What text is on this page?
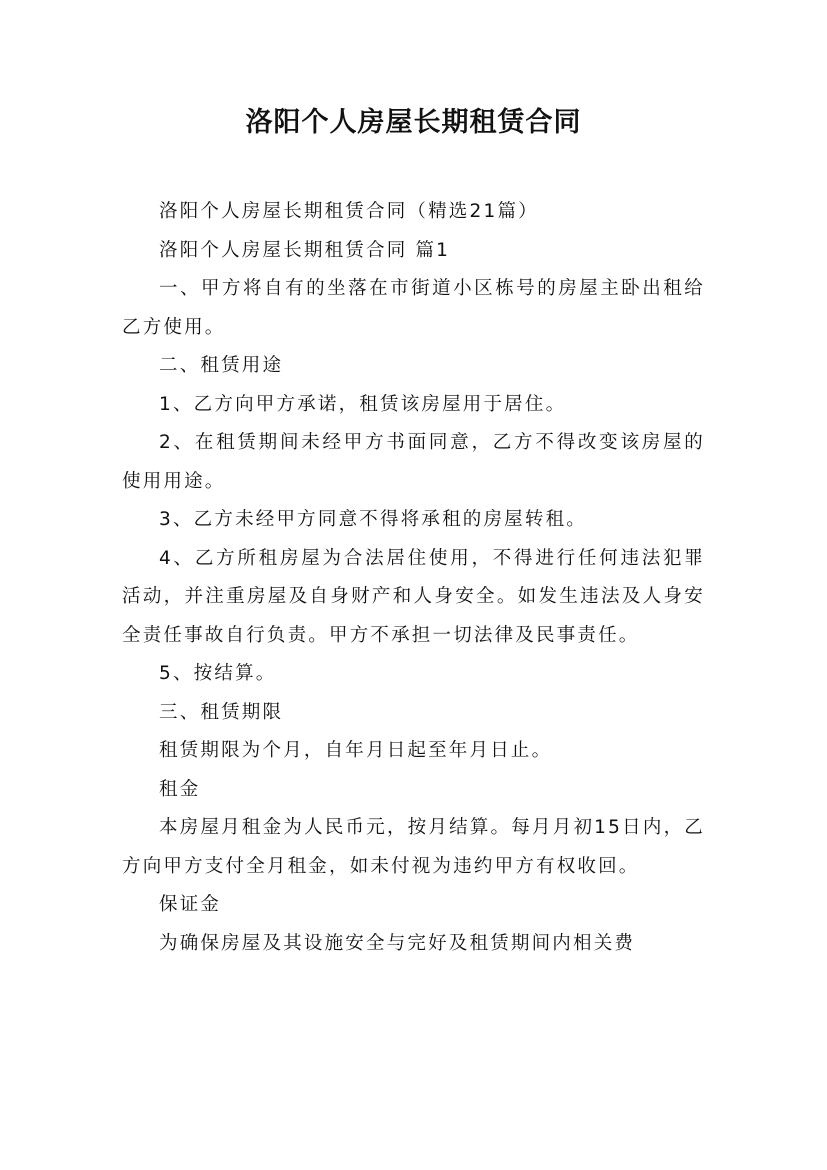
洛阳个人房屋长期租赁合同

洛阳个人房屋长期租赁合同（精选21篇）

洛阳个人房屋长期租赁合同 篇1

一、甲方将自有的坐落在市街道小区栋号的房屋主卧出租给乙方使用。

二、租赁用途

1、乙方向甲方承诺，租赁该房屋用于居住。

2、在租赁期间未经甲方书面同意，乙方不得改变该房屋的使用用途。

3、乙方未经甲方同意不得将承租的房屋转租。

4、乙方所租房屋为合法居住使用，不得进行任何违法犯罪活动，并注重房屋及自身财产和人身安全。如发生违法及人身安全责任事故自行负责。甲方不承担一切法律及民事责任。

5、按结算。

三、租赁期限

租赁期限为个月，自年月日起至年月日止。

租金

本房屋月租金为人民币元，按月结算。每月月初15日内，乙方向甲方支付全月租金，如未付视为违约甲方有权收回。

保证金

为确保房屋及其设施安全与完好及租赁期间内相关费
